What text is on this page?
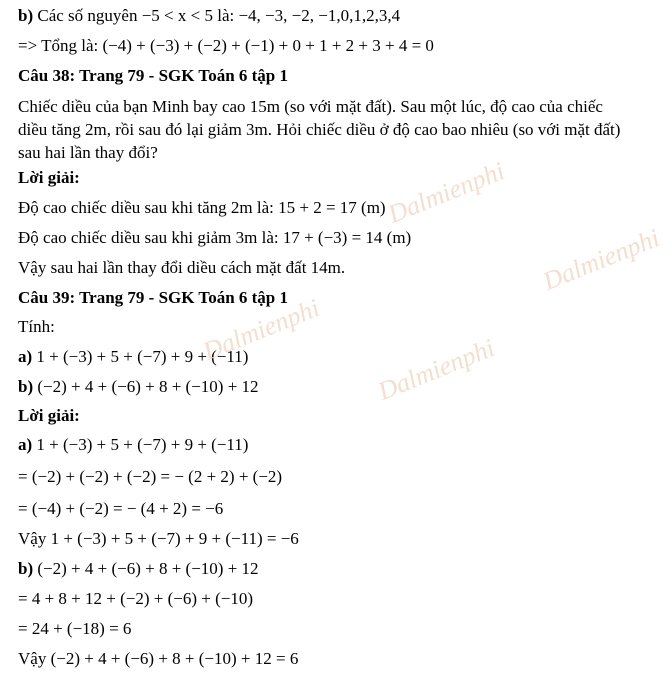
b) Các số nguyên −5 < x < 5 là: −4, −3, −2, −1,0,1,2,3,4
=> Tổng là: (−4) + (−3) + (−2) + (−1) + 0 + 1 + 2 + 3 + 4 = 0
Câu 38: Trang 79 - SGK Toán 6 tập 1
Chiếc diều của bạn Minh bay cao 15m (so với mặt đất). Sau một lúc, độ cao của chiếc diều tăng 2m, rồi sau đó lại giảm 3m. Hỏi chiếc diều ở độ cao bao nhiêu (so với mặt đất) sau hai lần thay đổi?
Lời giải:
Độ cao chiếc diều sau khi tăng 2m là: 15 + 2 = 17 (m)
Độ cao chiếc diều sau khi giảm 3m là: 17 + (−3) = 14 (m)
Vậy sau hai lần thay đổi diều cách mặt đất 14m.
Câu 39: Trang 79 - SGK Toán 6 tập 1
Tính:
a) 1 + (−3) + 5 + (−7) + 9 + (−11)
b) (−2) + 4 + (−6) + 8 + (−10) + 12
Lời giải:
a) 1 + (−3) + 5 + (−7) + 9 + (−11)
= (−2) + (−2) + (−2) = − (2 + 2) + (−2)
= (−4) + (−2) = − (4 + 2) = −6
Vậy 1 + (−3) + 5 + (−7) + 9 + (−11) = −6
b) (−2) + 4 + (−6) + 8 + (−10) + 12
= 4 + 8 + 12 + (−2) + (−6) + (−10)
= 24 + (−18) = 6
Vậy (−2) + 4 + (−6) + 8 + (−10) + 12 = 6
Dalmienphi
Dalmienphi
Dalmienphi
Dalmienphi
